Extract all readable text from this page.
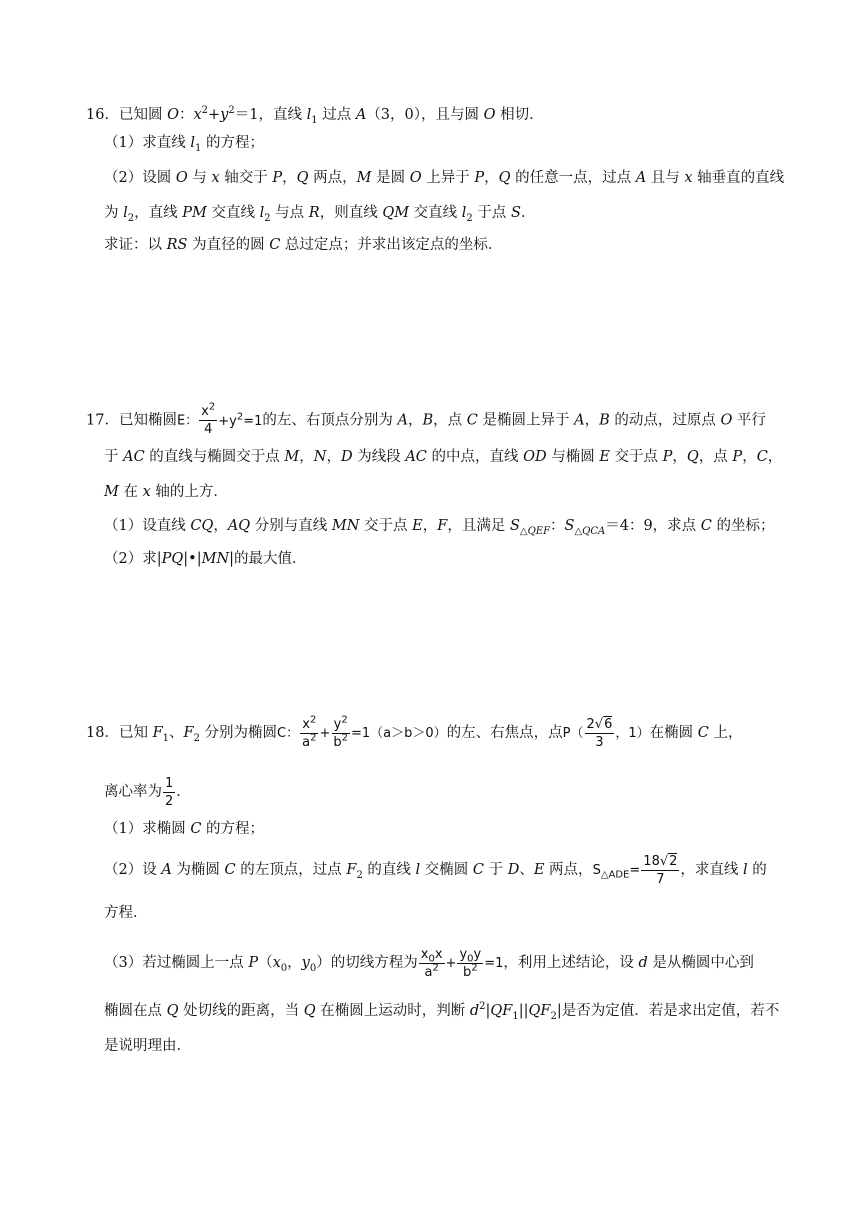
16．已知圆 O：$x^2+y^2=1$，直线 $l_1$ 过点 A（3，0），且与圆 O 相切．
（1）求直线 $l_1$ 的方程；
（2）设圆 O 与 x 轴交于 P，Q 两点，M 是圆 O 上异于 P，Q 的任意一点，过点 A 且与 x 轴垂直的直线
为 $l_2$，直线 PM 交直线 $l_2$ 与点 R，则直线 QM 交直线 $l_2$ 于点 S．
求证：以 RS 为直径的圆 C 总过定点；并求出该定点的坐标．
17．已知椭圆E： $\frac{x^2}{4} +y^2=1$的左、右顶点分别为 A，B，点 C 是椭圆上异于 A，B 的动点，过原点 O 平行
于 AC 的直线与椭圆交于点 M，N，D 为线段 AC 的中点，直线 OD 与椭圆 E 交于点 P，Q，点 P，C，
M 在 x 轴的上方．
（1）设直线 CQ，AQ 分别与直线 MN 交于点 E，F，且满足 $S_{\triangle QEF}$：$S_{\triangle QCA}=4$：9，求点 C 的坐标；
（2）求|PQ|•|MN|的最大值．
18．已知 $F_1$、$F_2$ 分别为椭圆C： $\frac{x^2}{a^2} + \frac{y^2}{b^2} =1(a>b>0)$的左、右焦点，点$P( \frac{2√6}{3}$ ，1）在椭圆 C 上，
离心率为 $\frac{1}{2}$ ．
（1）求椭圆 C 的方程；
（2）设 A 为椭圆 C 的左顶点，过点 $F_2$ 的直线 l 交椭圆 C 于 D、E 两点，$S_{\triangle ADE}= \frac{18√2}{7}$ ，求直线 l 的
方程．
（3）若过椭圆上一点 $P(x_0$，$y_0$）的切线方程为 $\frac{x_0x}{a^2} + \frac{y_0y}{b^2} =1$，利用上述结论，设 d 是从椭圆中心到
椭圆在点 Q 处切线的距离，当 Q 在椭圆上运动时，判断 $d^2|QF_1||QF_2|$是否为定值．若是求出定值，若不
是说明理由．
